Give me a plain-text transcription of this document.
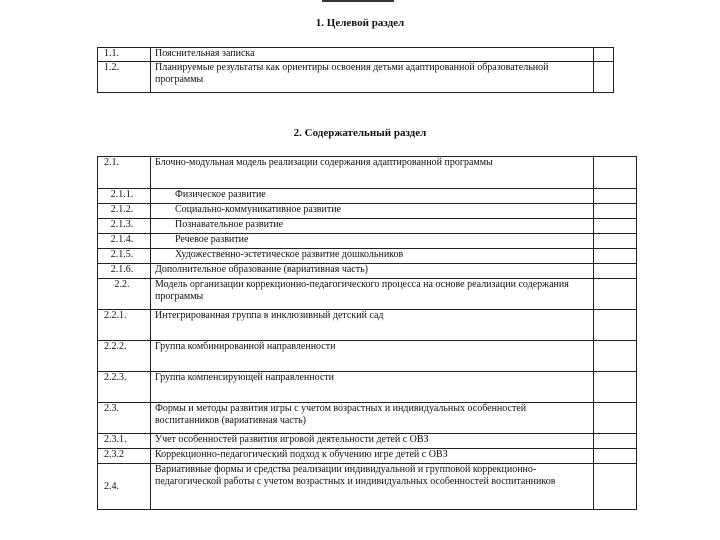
1. Целевой раздел
1.1.	Пояснительная записка	
1.2.	Планируемые результаты как ориентиры освоения детьми адаптированной образовательной программы	
2. Содержательный раздел
2.1.	Блочно-модульная модель реализации содержания адаптированной программы	
2.1.1.	Физическое развитие	
2.1.2.	Социально-коммуникативное развитие	
2.1.3.	Познавательное развитие	
2.1.4.	Речевое развитие	
2.1.5.	Художественно-эстетическое развитие дошкольников	
2.1.6.	Дополнительное образование (вариативная часть)	
2.2.	Модель организации коррекционно-педагогического процесса на основе реализации содержания программы	
2.2.1.	Интегрированная группа в инклюзивный детский сад	
2.2.2.	Группа комбинированной направленности	
2.2.3.	Группа компенсирующей направленности	
2.3.	Формы и методы развития игры с учетом возрастных и индивидуальных особенностей воспитанников (вариативная часть)	
2.3.1.	Учет особенностей развития игровой деятельности детей с ОВЗ	
2.3.2	Коррекционно-педагогический подход к обучению игре детей с ОВЗ	
2.4.	Вариативные формы и средства реализации индивидуальной и групповой коррекционно-педагогической работы с учетом возрастных и индивидуальных особенностей воспитанников	
